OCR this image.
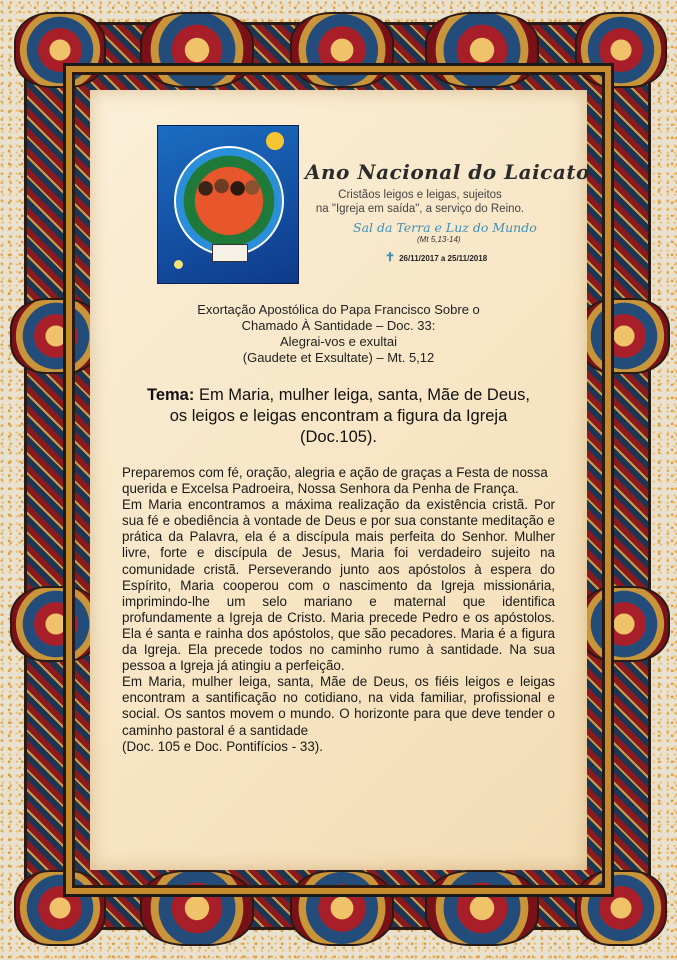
Ano Nacional do Laicato

Cristãos leigos e leigas, sujeitos

na "Igreja em saída", a serviço do Reino.

Sal da Terra e Luz do Mundo

(Mt 5,13-14)

✝ 26/11/2017 a 25/11/2018

Exortação Apostólica do Papa Francisco Sobre o

Chamado À Santidade – Doc. 33:

Alegrai-vos e exultai

(Gaudete et Exsultate) – Mt. 5,12

Tema: Em Maria, mulher leiga, santa, Mãe de Deus,
os leigos e leigas encontram a figura da Igreja
(Doc.105).

Preparemos com fé, oração, alegria e ação de graças a Festa de nossa querida e Excelsa Padroeira, Nossa Senhora da Penha de França.

Em Maria encontramos a máxima realização da existência cristã. Por sua fé e obediência à vontade de Deus e por sua constante meditação e prática da Palavra, ela é a discípula mais perfeita do Senhor. Mulher livre, forte e discípula de Jesus, Maria foi verdadeiro sujeito na comunidade cristã. Perseverando junto aos apóstolos à espera do Espírito, Maria cooperou com o nascimento da Igreja missionária, imprimindo-lhe um selo mariano e maternal que identifica profundamente a Igreja de Cristo. Maria precede Pedro e os apóstolos. Ela é santa e rainha dos apóstolos, que são pecadores. Maria é a figura da Igreja. Ela precede todos no caminho rumo à santidade. Na sua pessoa a Igreja já atingiu a perfeição.

Em Maria, mulher leiga, santa, Mãe de Deus, os fiéis leigos e leigas encontram a santificação no cotidiano, na vida familiar, profissional e social. Os santos movem o mundo. O horizonte para que deve tender o caminho pastoral é a santidade

(Doc. 105 e Doc. Pontifícios - 33).
